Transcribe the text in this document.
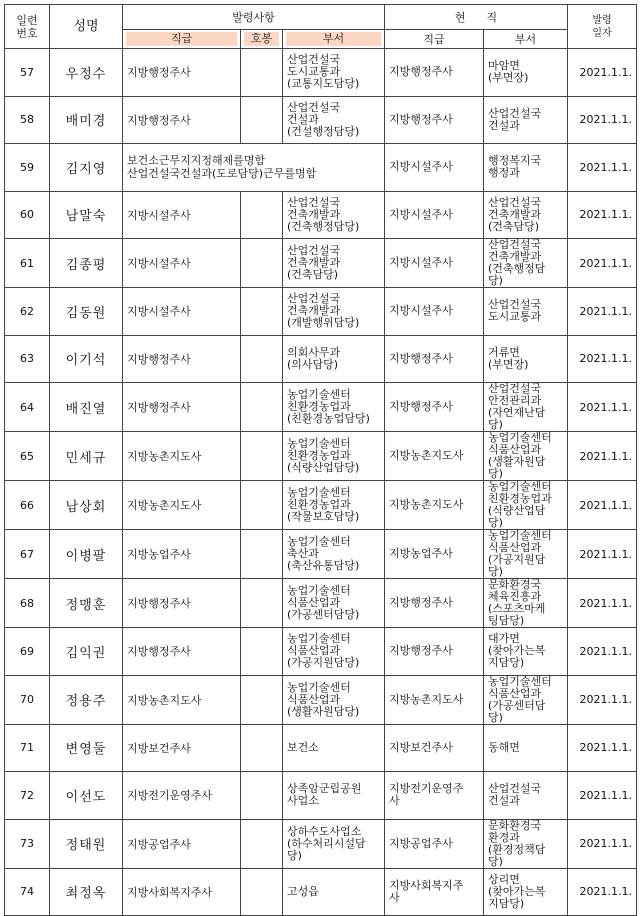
일련
번호	성명	발령사항			현      직		발령
일자

		직급	호봉	부서	직급	부서	
57	우정수	지방행정주사		산업건설국
도시교통과
(교통지도담당)	지방행정주사	마암면
(부면장)	2021.1.1.
58	배미경	지방행정주사		산업건설국
건설과
(건설행정담당)	지방행정주사	산업건설국
건설과	2021.1.1.
59	김지영	보건소근무지지정해제를명함
산업건설국건설과(도로담당)근무를명함			지방시설주사	행정복지국
행정과	2021.1.1.
60	남말숙	지방시설주사		산업건설국
건축개발과
(건축행정담당)	지방시설주사	산업건설국
건축개발과
(건축담당)	2021.1.1.
61	김종평	지방시설주사		산업건설국
건축개발과
(건축담당)	지방시설주사	산업건설국
건축개발과
(건축행정담
당)	2021.1.1.
62	김동원	지방시설주사		산업건설국
건축개발과
(개발행위담당)	지방시설주사	산업건설국
도시교통과	2021.1.1.
63	이기석	지방행정주사		의회사무과
(의사담당)	지방행정주사	거류면
(부면장)	2021.1.1.
64	배진열	지방행정주사		농업기술센터
친환경농업과
(친환경농업담당)	지방행정주사	산업건설국
안전관리과
(자연재난담
당)	2021.1.1.
65	민세규	지방농촌지도사		농업기술센터
친환경농업과
(식량산업담당)	지방농촌지도사	농업기술센터
식품산업과
(생활자원담
당)	2021.1.1.
66	남상회	지방농촌지도사		농업기술센터
친환경농업과
(작물보호담당)	지방농촌지도사	농업기술센터
친환경농업과
(식량산업담
당)	2021.1.1.
67	이병팔	지방농업주사		농업기술센터
축산과
(축산유통담당)	지방농업주사	농업기술센터
식품산업과
(가공지원담
당)	2021.1.1.
68	정맹훈	지방행정주사		농업기술센터
식품산업과
(가공센터담당)	지방행정주사	문화환경국
체육진흥과
(스포츠마케
팅담당)	2021.1.1.
69	김익권	지방행정주사		농업기술센터
식품산업과
(가공지원담당)	지방행정주사	대가면
(찾아가는복
지담당)	2021.1.1.
70	정용주	지방농촌지도사		농업기술센터
식품산업과
(생활자원담당)	지방농촌지도사	농업기술센터
식품산업과
(가공센터담
당)	2021.1.1.
71	변영둘	지방보건주사		보건소	지방보건주사	동해면	2021.1.1.
72	이선도	지방전기운영주사		상족암군립공원
사업소	지방전기운영주
사	산업건설국
건설과	2021.1.1.
73	정태원	지방공업주사		상하수도사업소
(하수처리시설담
당)	지방공업주사	문화환경국
환경과
(환경정책담
당)	2021.1.1.
74	최정옥	지방사회복지주사		고성읍	지방사회복지주
사	상리면
(찾아가는복
지담당)	2021.1.1.
